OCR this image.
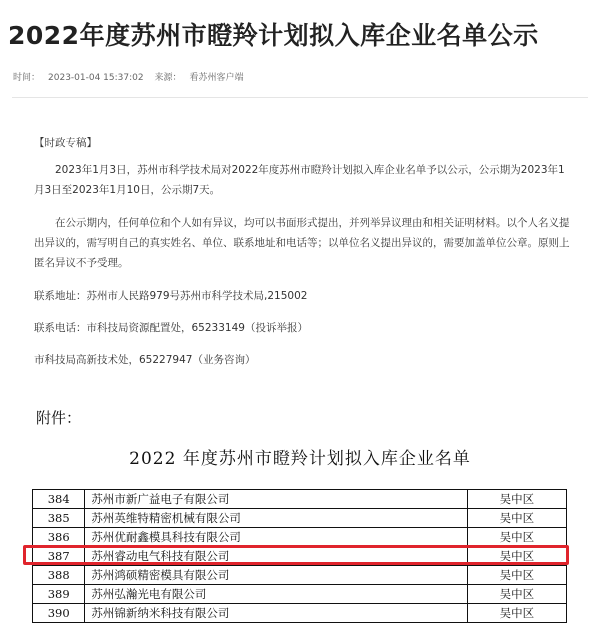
2022年度苏州市瞪羚计划拟入库企业名单公示
时间： 2023-01-04 15:37:02 来源： 看苏州客户端
【时政专稿】
2023年1月3日，苏州市科学技术局对2022年度苏州市瞪羚计划拟入库企业名单予以公示，公示期为2023年1月3日至2023年1月10日，公示期7天。
在公示期内，任何单位和个人如有异议，均可以书面形式提出，并列举异议理由和相关证明材料。以个人名义提出异议的，需写明自己的真实姓名、单位、联系地址和电话等；以单位名义提出异议的，需要加盖单位公章。原则上匿名异议不予受理。
联系地址：苏州市人民路979号苏州市科学技术局,215002
联系电话：市科技局资源配置处，65233149（投诉举报）
市科技局高新技术处，65227947（业务咨询）
附件：
2022 年度苏州市瞪羚计划拟入库企业名单
384	苏州市新广益电子有限公司	吴中区
385	苏州英维特精密机械有限公司	吴中区
386	苏州优耐鑫模具科技有限公司	吴中区
387	苏州睿动电气科技有限公司	吴中区
388	苏州鸿硕精密模具有限公司	吴中区
389	苏州弘瀚光电有限公司	吴中区
390	苏州锦新纳米科技有限公司	吴中区
